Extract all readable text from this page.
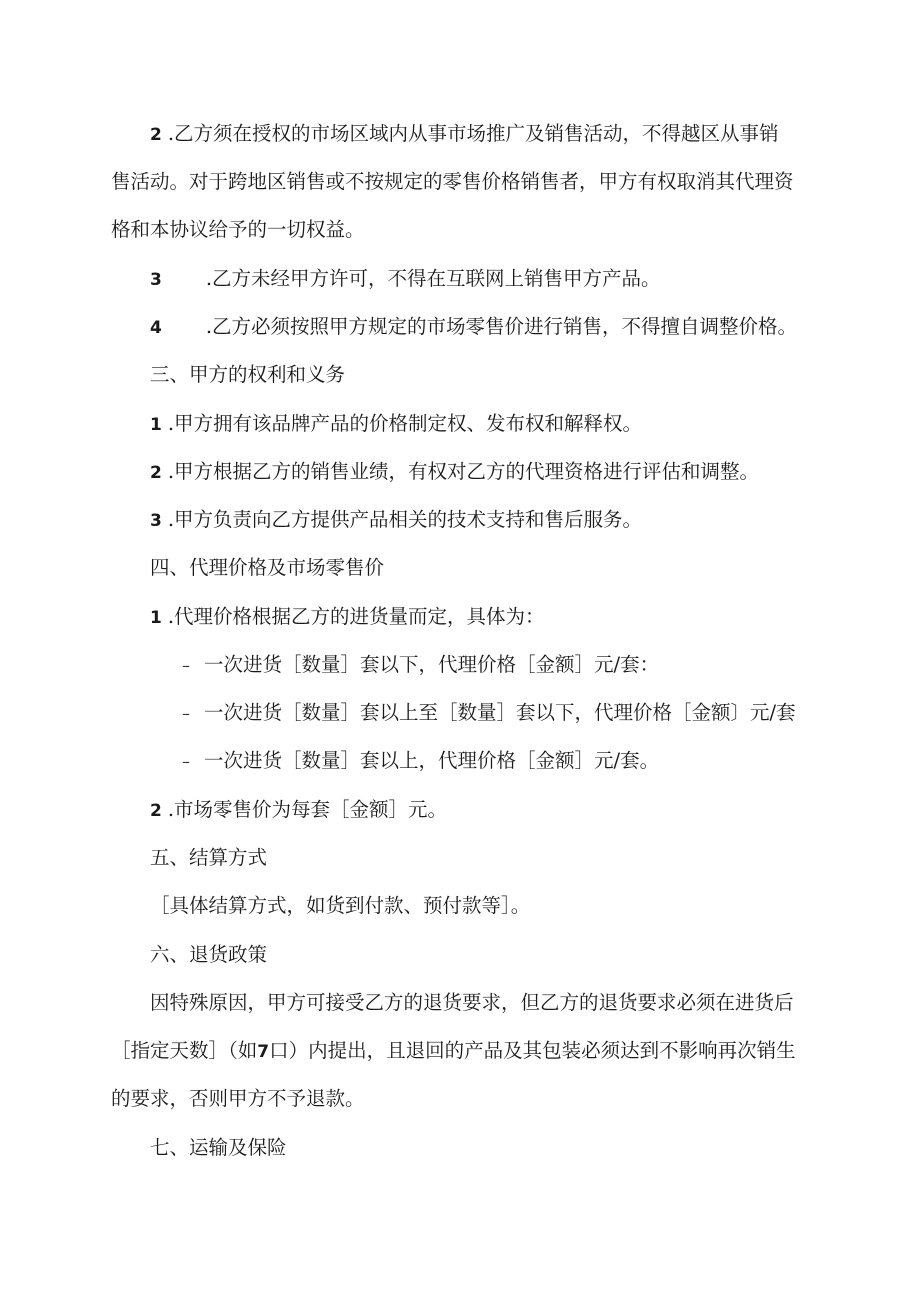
2 .乙方须在授权的市场区域内从事市场推广及销售活动，不得越区从事销
售活动。对于跨地区销售或不按规定的零售价格销售者，甲方有权取消其代理资
格和本协议给予的一切权益。
3 .乙方未经甲方许可，不得在互联网上销售甲方产品。
4 .乙方必须按照甲方规定的市场零售价进行销售，不得擅自调整价格。
三、甲方的权利和义务
1 .甲方拥有该品牌产品的价格制定权、发布权和解释权。
2 .甲方根据乙方的销售业绩，有权对乙方的代理资格进行评估和调整。
3 .甲方负责向乙方提供产品相关的技术支持和售后服务。
四、代理价格及市场零售价
1 .代理价格根据乙方的进货量而定，具体为：
– 一次进货［数量］套以下，代理价格［金额］元/套：
– 一次进货［数量］套以上至［数量］套以下，代理价格［金额〕元/套
– 一次进货［数量］套以上，代理价格［金额］元/套。
2 .市场零售价为每套［金额］元。
五、结算方式
［具体结算方式，如货到付款、预付款等］。
六、退货政策
因特殊原因，甲方可接受乙方的退货要求，但乙方的退货要求必须在进货后
［指定天数］（如7口）内提出，且退回的产品及其包装必须达到不影响再次销生
的要求，否则甲方不予退款。
七、运输及保险
